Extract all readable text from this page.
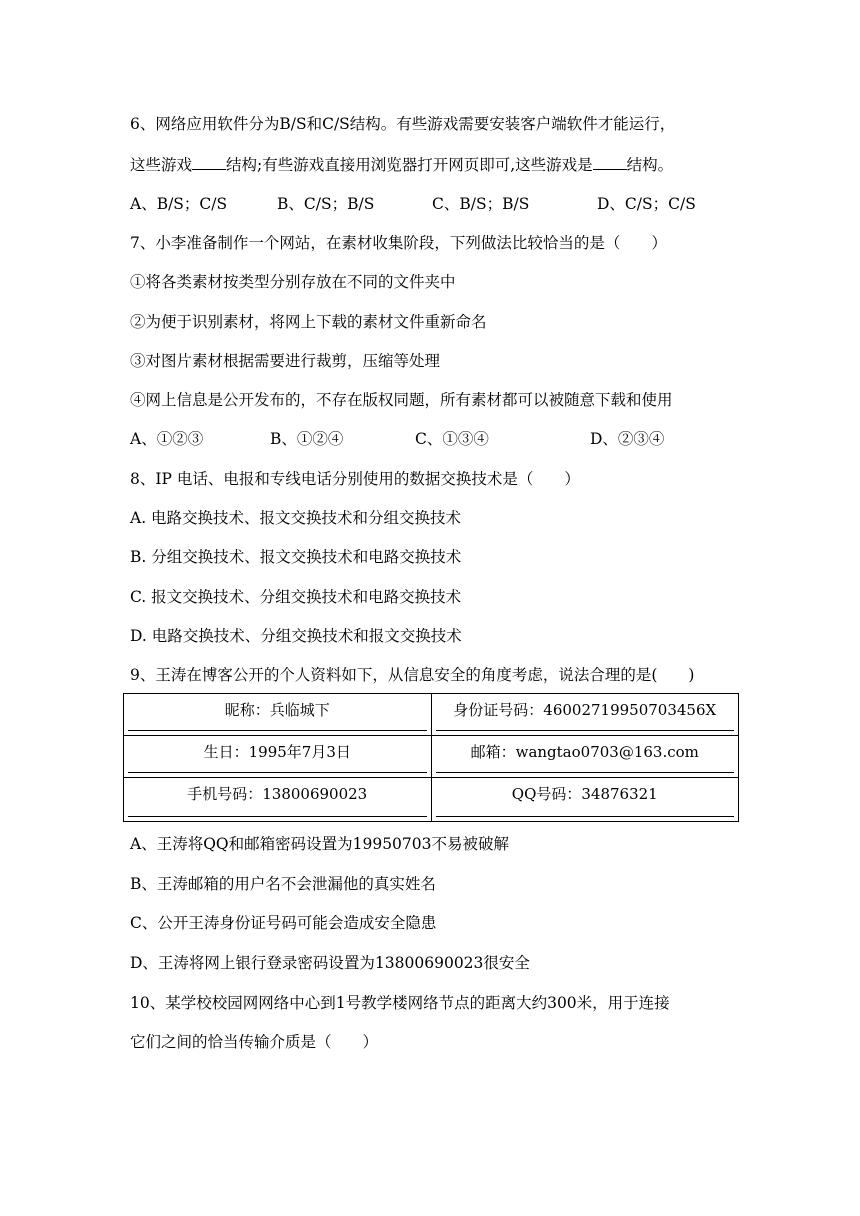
6、网络应用软件分为B/S和C/S结构。有些游戏需要安装客户端软件才能运行，
这些游戏 结构;有些游戏直接用浏览器打开网页即可,这些游戏是 结构。
A、B/S；C/S	B、C/S；B/S	C、B/S；B/S	D、C/S；C/S
7、小李准备制作一个网站，在素材收集阶段，下列做法比较恰当的是（　　）
①将各类素材按类型分别存放在不同的文件夹中
②为便于识别素材，将网上下载的素材文件重新命名
③对图片素材根据需要进行裁剪，压缩等处理
④网上信息是公开发布的，不存在版权同题，所有素材都可以被随意下载和使用
A、①②③	B、①②④	C、①③④	D、②③④
8、IP 电话、电报和专线电话分别使用的数据交换技术是（　　）
A. 电路交换技术、报文交换技术和分组交换技术
B. 分组交换技术、报文交换技术和电路交换技术
C. 报文交换技术、分组交换技术和电路交换技术
D. 电路交换技术、分组交换技术和报文交换技术
9、王涛在博客公开的个人资料如下，从信息安全的角度考虑，说法合理的是(　　)
昵称：兵临城下	身份证号码：46002719950703456X

生日：1995年7月3日	邮箱：wangtao0703@163.com

手机号码：13800690023	QQ号码：34876321
A、王涛将QQ和邮箱密码设置为19950703不易被破解
B、王涛邮箱的用户名不会泄漏他的真实姓名
C、公开王涛身份证号码可能会造成安全隐患
D、王涛将网上银行登录密码设置为13800690023很安全
10、某学校校园网网络中心到1号教学楼网络节点的距离大约300米，用于连接
它们之间的恰当传输介质是（　　）
